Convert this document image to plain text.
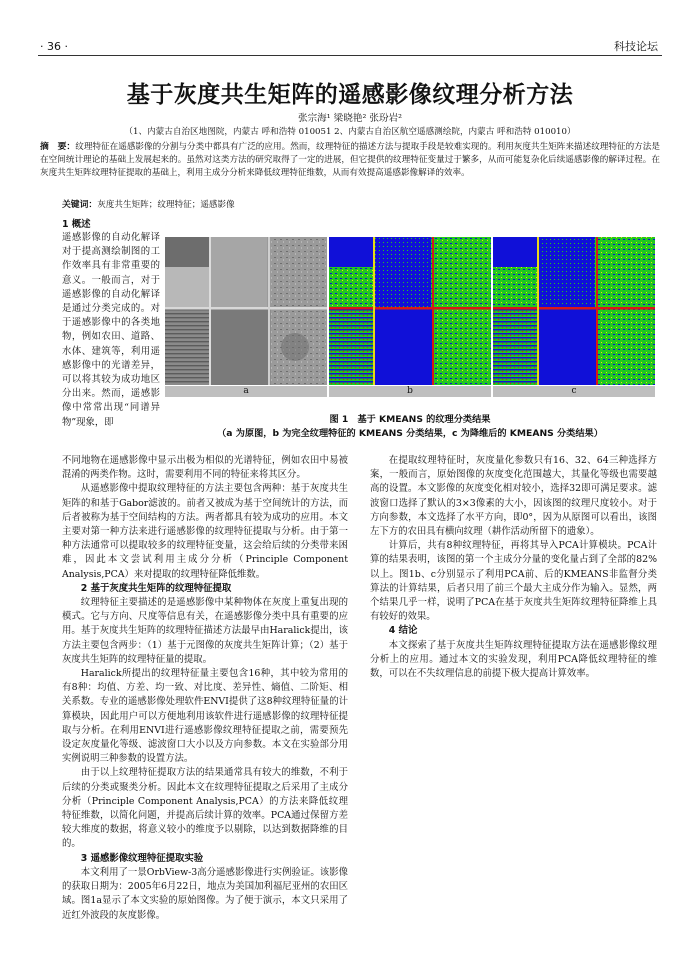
· 36 ·	科技论坛
基于灰度共生矩阵的遥感影像纹理分析方法
张宗海¹ 梁晓艳² 张玢岩²
（1、内蒙古自治区地图院，内蒙古 呼和浩特 010051 2、内蒙古自治区航空遥感测绘院，内蒙古 呼和浩特 010010）
摘　要：纹理特征在遥感影像的分割与分类中都具有广泛的应用。然而，纹理特征的描述方法与提取手段是较难实现的。利用灰度共生矩阵来描述纹理特征的方法是在空间统计理论的基础上发展起来的。虽然对这类方法的研究取得了一定的进展，但它提供的纹理特征变量过于繁多，从而可能复杂化后续遥感影像的解译过程。在灰度共生矩阵纹理特征提取的基础上，利用主成分分析来降低纹理特征维数，从而有效提高遥感影像解译的效率。
关键词：灰度共生矩阵；纹理特征；遥感影像
1 概述
遥感影像的自动化解译对于提高测绘制图的工作效率具有非常重要的意义。一般而言，对于遥感影像的自动化解译是通过分类完成的。对于遥感影像中的各类地物，例如农田、道路、水体、建筑等，利用遥感影像中的光谱差异，可以将其较为成功地区分出来。然而，遥感影像中常常出现“同谱异物”现象，即
a	b	c
图 1　基于 KMEANS 的纹理分类结果
（a 为原图，b 为完全纹理特征的 KMEANS 分类结果，c 为降维后的 KMEANS 分类结果）

不同地物在遥感影像中显示出极为相似的光谱特征，例如农田中易被混淆的两类作物。这时，需要利用不同的特征来将其区分。

从遥感影像中提取纹理特征的方法主要包含两种：基于灰度共生矩阵的和基于Gabor滤波的。前者又被成为基于空间统计的方法，而后者被称为基于空间结构的方法。两者都具有较为成功的应用。本文主要对第一种方法来进行遥感影像的纹理特征提取与分析。由于第一种方法通常可以提取较多的纹理特征变量，这会给后续的分类带来困难，因此本文尝试利用主成分分析（Principle Component Analysis,PCA）来对提取的纹理特征降低维数。

2 基于灰度共生矩阵的纹理特征提取

纹理特征主要描述的是遥感影像中某种物体在灰度上重复出现的模式。它与方向、尺度等信息有关，在遥感影像分类中具有重要的应用。基于灰度共生矩阵的纹理特征描述方法最早由Haralick提出，该方法主要包含两步：（1）基于元图像的灰度共生矩阵计算；（2）基于灰度共生矩阵的纹理特征量的提取。

Haralick所提出的纹理特征量主要包含16种，其中较为常用的有8种：均值、方差、均一致、对比度、差异性、熵值、二阶矩、相关系数。专业的遥感影像处理软件ENVI提供了这8种纹理特征量的计算模块，因此用户可以方便地利用该软件进行遥感影像的纹理特征提取与分析。在利用ENVI进行遥感影像纹理特征提取之前，需要预先设定灰度量化等级、滤波窗口大小以及方向参数。本文在实验部分用实例说明三种参数的设置方法。

由于以上纹理特征提取方法的结果通常具有较大的维数，不利于后续的分类或聚类分析。因此本文在纹理特征提取之后采用了主成分分析（Principle Component Analysis,PCA）的方法来降低纹理特征维数，以简化问题，并提高后续计算的效率。PCA通过保留方差较大维度的数据，将意义较小的维度予以剔除，以达到数据降维的目的。

3 遥感影像纹理特征提取实验

本文利用了一景OrbView-3高分遥感影像进行实例验证。该影像的获取日期为：2005年6月22日，地点为美国加利福尼亚州的农田区域。图1a显示了本文实验的原始图像。为了便于演示，本文只采用了近红外波段的灰度影像。

在提取纹理特征时，灰度量化参数只有16、32、64三种选择方案，一般而言，原始图像的灰度变化范围越大，其量化等级也需要越高的设置。本文影像的灰度变化相对较小，选择32即可满足要求。滤波窗口选择了默认的3×3像素的大小，因该图的纹理尺度较小。对于方向参数，本文选择了水平方向，即0°，因为从原图可以看出，该图左下方的农田具有横向纹理（耕作活动所留下的遗象）。

计算后，共有8种纹理特征，再将其导入PCA计算模块。PCA计算的结果表明，该图的第一个主成分分量的变化量占到了全部的82%以上。图1b、c分别显示了利用PCA前、后的KMEANS非监督分类算法的计算结果，后者只用了前三个最大主成分作为输入。显然，两个结果几乎一样，说明了PCA在基于灰度共生矩阵纹理特征降维上具有较好的效果。

4 结论

本文探索了基于灰度共生矩阵纹理特征提取方法在遥感影像纹理分析上的应用。通过本文的实验发现，利用PCA降低纹理特征的维数，可以在不失纹理信息的前提下极大提高计算效率。
